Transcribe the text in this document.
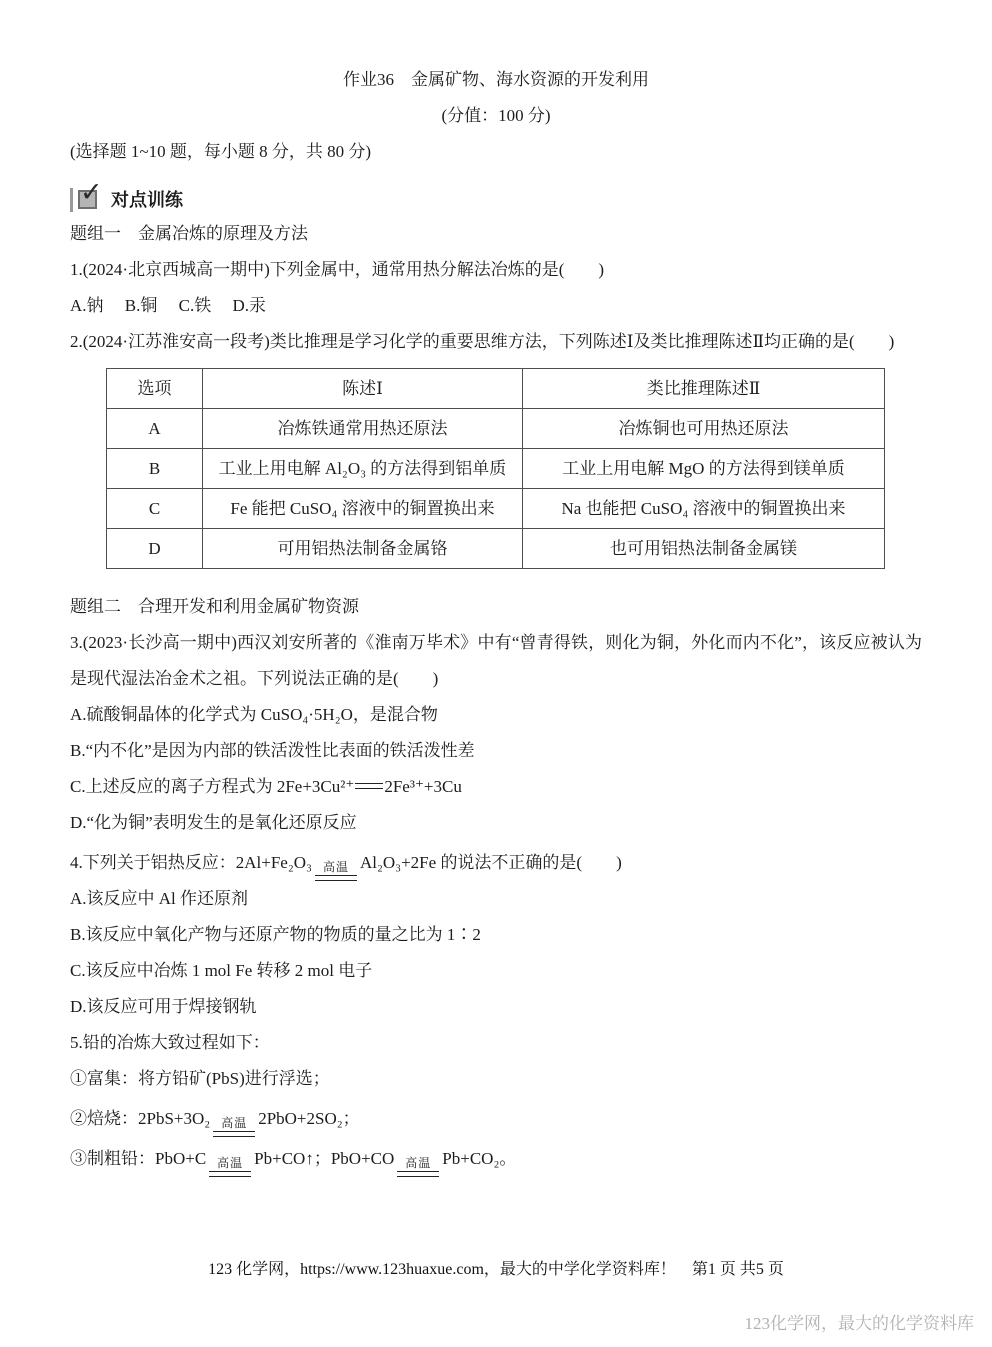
作业36　金属矿物、海水资源的开发利用
(分值：100 分)
(选择题 1~10 题，每小题 8 分，共 80 分)
✓ 对点训练
题组一　金属冶炼的原理及方法
1.(2024·北京西城高一期中)下列金属中，通常用热分解法冶炼的是(　　)
A.钠　 B.铜　 C.铁　 D.汞
2.(2024·江苏淮安高一段考)类比推理是学习化学的重要思维方法，下列陈述Ⅰ及类比推理陈述Ⅱ均正确的是(　　)
选项	陈述Ⅰ	类比推理陈述Ⅱ
A	冶炼铁通常用热还原法	冶炼铜也可用热还原法
B	工业上用电解 Al₂O₃ 的方法得到铝单质	工业上用电解 MgO 的方法得到镁单质
C	Fe 能把 CuSO₄ 溶液中的铜置换出来	Na 也能把 CuSO₄ 溶液中的铜置换出来
D	可用铝热法制备金属铬	也可用铝热法制备金属镁
题组二　合理开发和利用金属矿物资源
3.(2023·长沙高一期中)西汉刘安所著的《淮南万毕术》中有“曾青得铁，则化为铜，外化而内不化”，该反应被认为是现代湿法冶金术之祖。下列说法正确的是(　　)
A.硫酸铜晶体的化学式为 CuSO₄·5H₂O，是混合物
B.“内不化”是因为内部的铁活泼性比表面的铁活泼性差
C.上述反应的离子方程式为 2Fe+3Cu²⁺ 2Fe³⁺+3Cu
D.“化为铜”表明发生的是氧化还原反应
4.下列关于铝热反应：2Al+Fe₂O₃ 高温 Al₂O₃+2Fe 的说法不正确的是(　　)
A.该反应中 Al 作还原剂
B.该反应中氧化产物与还原产物的物质的量之比为 1∶2
C.该反应中冶炼 1 mol Fe 转移 2 mol 电子
D.该反应可用于焊接钢轨
5.铅的冶炼大致过程如下：
①富集：将方铅矿(PbS)进行浮选；
②焙烧：2PbS+3O₂ 高温 2PbO+2SO₂；
③制粗铅：PbO+C 高温 Pb+CO↑；PbO+CO 高温 Pb+CO₂。
123 化学网，https://www.123huaxue.com，最大的中学化学资料库！　第1 页 共5 页
123化学网，最大的化学资料库
